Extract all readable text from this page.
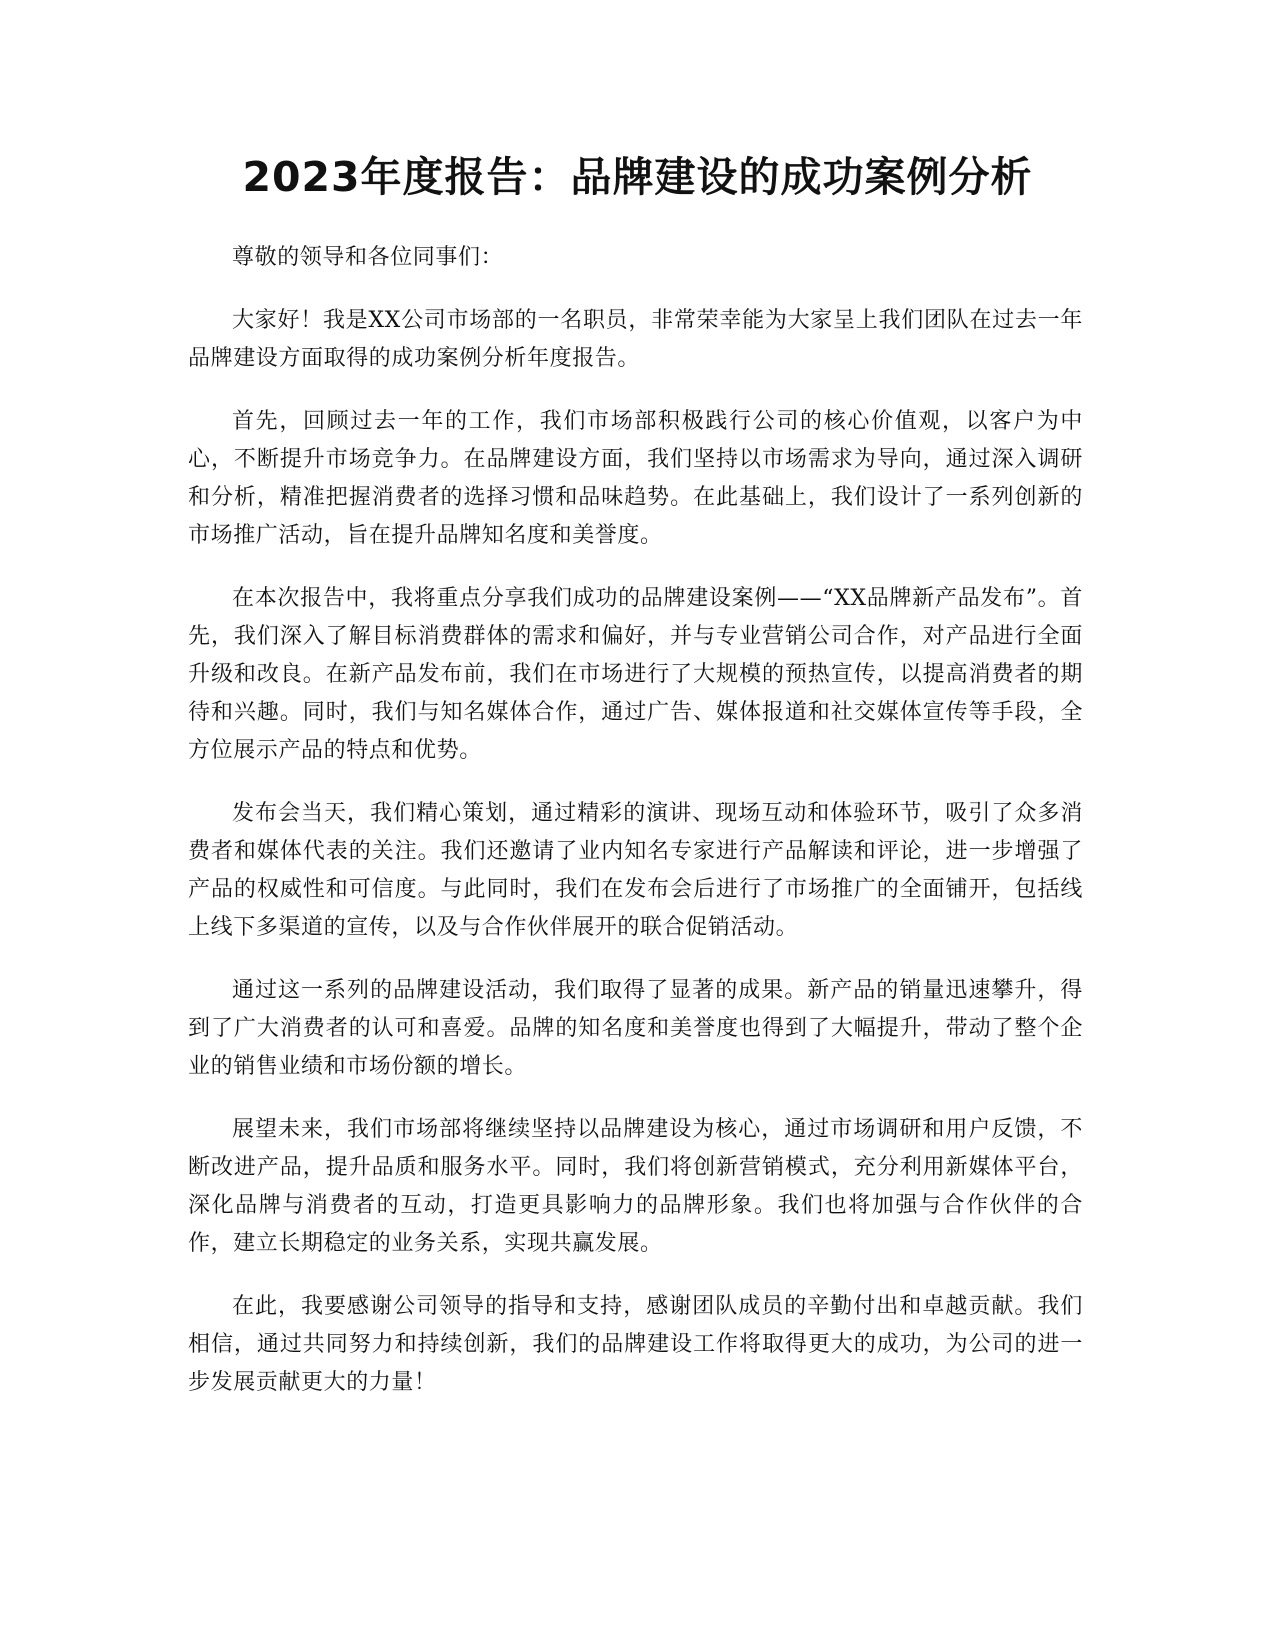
2023年度报告：品牌建设的成功案例分析

尊敬的领导和各位同事们：

大家好！我是XX公司市场部的一名职员，非常荣幸能为大家呈上我们团队在过去一年品牌建设方面取得的成功案例分析年度报告。

首先，回顾过去一年的工作，我们市场部积极践行公司的核心价值观，以客户为中心，不断提升市场竞争力。在品牌建设方面，我们坚持以市场需求为导向，通过深入调研和分析，精准把握消费者的选择习惯和品味趋势。在此基础上，我们设计了一系列创新的市场推广活动，旨在提升品牌知名度和美誉度。

在本次报告中，我将重点分享我们成功的品牌建设案例——“XX品牌新产品发布”。首先，我们深入了解目标消费群体的需求和偏好，并与专业营销公司合作，对产品进行全面升级和改良。在新产品发布前，我们在市场进行了大规模的预热宣传，以提高消费者的期待和兴趣。同时，我们与知名媒体合作，通过广告、媒体报道和社交媒体宣传等手段，全方位展示产品的特点和优势。

发布会当天，我们精心策划，通过精彩的演讲、现场互动和体验环节，吸引了众多消费者和媒体代表的关注。我们还邀请了业内知名专家进行产品解读和评论，进一步增强了产品的权威性和可信度。与此同时，我们在发布会后进行了市场推广的全面铺开，包括线上线下多渠道的宣传，以及与合作伙伴展开的联合促销活动。

通过这一系列的品牌建设活动，我们取得了显著的成果。新产品的销量迅速攀升，得到了广大消费者的认可和喜爱。品牌的知名度和美誉度也得到了大幅提升，带动了整个企业的销售业绩和市场份额的增长。

展望未来，我们市场部将继续坚持以品牌建设为核心，通过市场调研和用户反馈，不断改进产品，提升品质和服务水平。同时，我们将创新营销模式，充分利用新媒体平台，深化品牌与消费者的互动，打造更具影响力的品牌形象。我们也将加强与合作伙伴的合作，建立长期稳定的业务关系，实现共赢发展。

在此，我要感谢公司领导的指导和支持，感谢团队成员的辛勤付出和卓越贡献。我们相信，通过共同努力和持续创新，我们的品牌建设工作将取得更大的成功，为公司的进一步发展贡献更大的力量！
